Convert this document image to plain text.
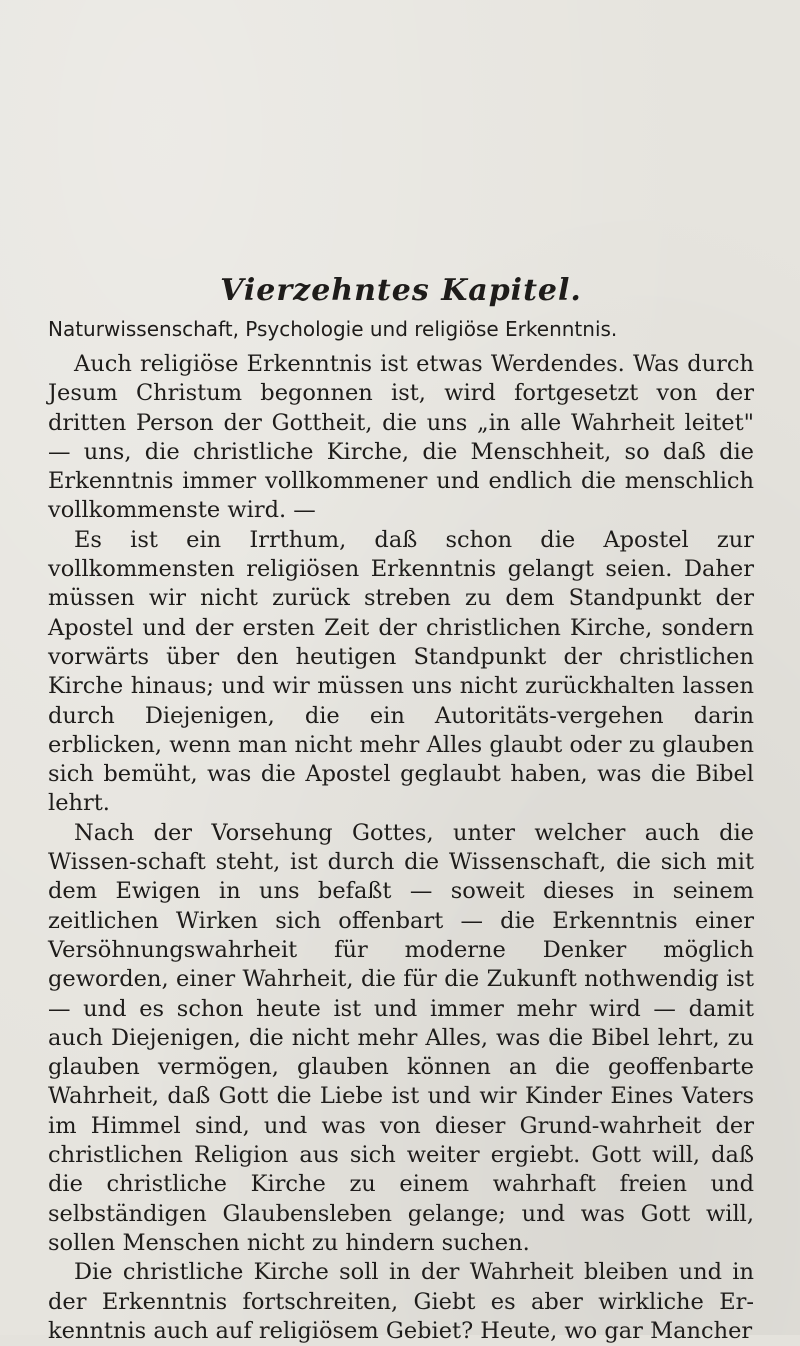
Vierzehntes Kapitel.
Naturwissenschaft, Psychologie und religiöse Erkenntnis.

Auch religiöse Erkenntnis ist etwas Werdendes. Was durch Jesum Christum begonnen ist, wird fortgesetzt von der dritten Person der Gottheit, die uns „in alle Wahrheit leitet" — uns, die christliche Kirche, die Menschheit, so daß die Erkenntnis immer vollkommener und endlich die menschlich vollkommenste wird. —

Es ist ein Irrthum, daß schon die Apostel zur vollkommensten religiösen Erkenntnis gelangt seien. Daher müssen wir nicht zurück streben zu dem Standpunkt der Apostel und der ersten Zeit der christlichen Kirche, sondern vorwärts über den heutigen Standpunkt der christlichen Kirche hinaus; und wir müssen uns nicht zurückhalten lassen durch Diejenigen, die ein Autoritäts-vergehen darin erblicken, wenn man nicht mehr Alles glaubt oder zu glauben sich bemüht, was die Apostel geglaubt haben, was die Bibel lehrt.

Nach der Vorsehung Gottes, unter welcher auch die Wissen-schaft steht, ist durch die Wissenschaft, die sich mit dem Ewigen in uns befaßt — soweit dieses in seinem zeitlichen Wirken sich offenbart — die Erkenntnis einer Versöhnungswahrheit für moderne Denker möglich geworden, einer Wahrheit, die für die Zukunft nothwendig ist — und es schon heute ist und immer mehr wird — damit auch Diejenigen, die nicht mehr Alles, was die Bibel lehrt, zu glauben vermögen, glauben können an die geoffenbarte Wahrheit, daß Gott die Liebe ist und wir Kinder Eines Vaters im Himmel sind, und was von dieser Grund-wahrheit der christlichen Religion aus sich weiter ergiebt. Gott will, daß die christliche Kirche zu einem wahrhaft freien und selbständigen Glaubensleben gelange; und was Gott will, sollen Menschen nicht zu hindern suchen.

Die christliche Kirche soll in der Wahrheit bleiben und in der Erkenntnis fortschreiten, Giebt es aber wirkliche Er-kenntnis auch auf religiösem Gebiet? Heute, wo gar Mancher
